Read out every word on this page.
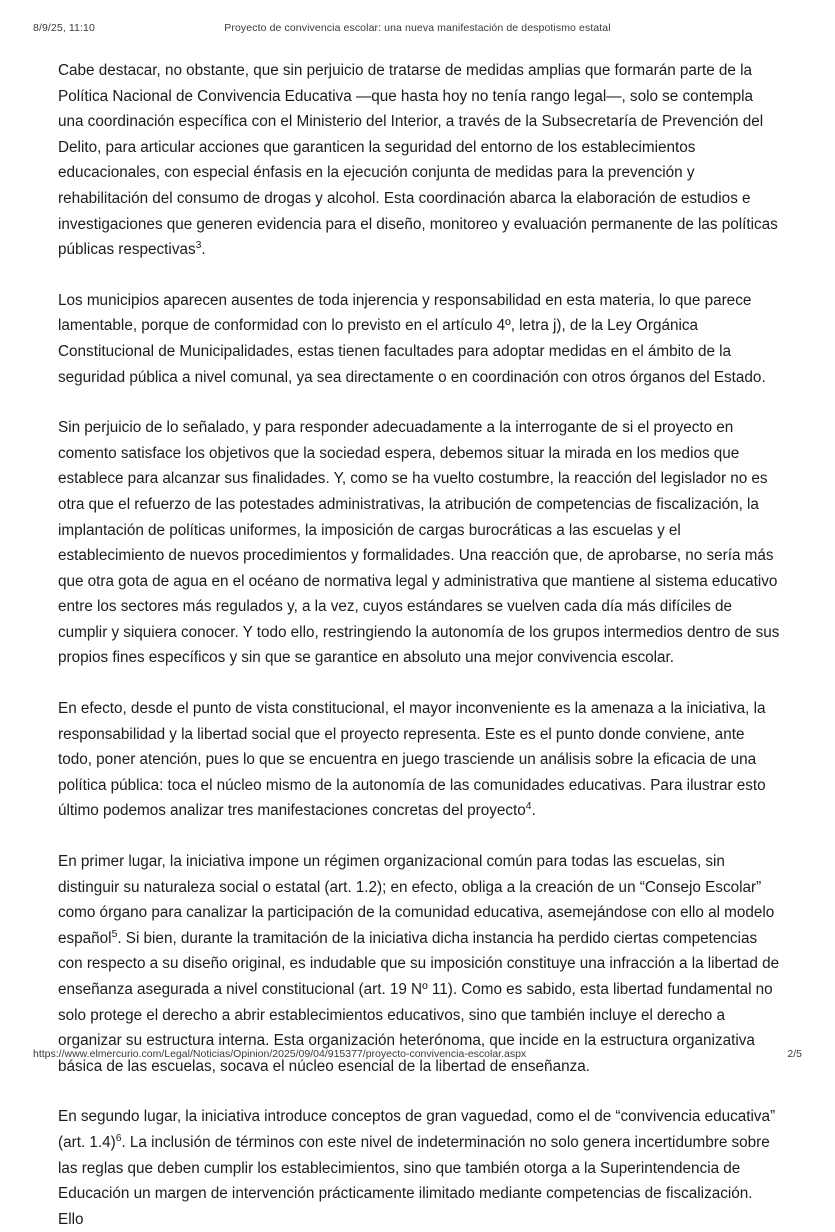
8/9/25, 11:10	Proyecto de convivencia escolar: una nueva manifestación de despotismo estatal

Cabe destacar, no obstante, que sin perjuicio de tratarse de medidas amplias que formarán parte de la Política Nacional de Convivencia Educativa —que hasta hoy no tenía rango legal—, solo se contempla una coordinación específica con el Ministerio del Interior, a través de la Subsecretaría de Prevención del Delito, para articular acciones que garanticen la seguridad del entorno de los establecimientos educacionales, con especial énfasis en la ejecución conjunta de medidas para la prevención y rehabilitación del consumo de drogas y alcohol. Esta coordinación abarca la elaboración de estudios e investigaciones que generen evidencia para el diseño, monitoreo y evaluación permanente de las políticas públicas respectivas$^3$.

Los municipios aparecen ausentes de toda injerencia y responsabilidad en esta materia, lo que parece lamentable, porque de conformidad con lo previsto en el artículo 4º, letra j), de la Ley Orgánica Constitucional de Municipalidades, estas tienen facultades para adoptar medidas en el ámbito de la seguridad pública a nivel comunal, ya sea directamente o en coordinación con otros órganos del Estado.

Sin perjuicio de lo señalado, y para responder adecuadamente a la interrogante de si el proyecto en comento satisface los objetivos que la sociedad espera, debemos situar la mirada en los medios que establece para alcanzar sus finalidades. Y, como se ha vuelto costumbre, la reacción del legislador no es otra que el refuerzo de las potestades administrativas, la atribución de competencias de fiscalización, la implantación de políticas uniformes, la imposición de cargas burocráticas a las escuelas y el establecimiento de nuevos procedimientos y formalidades. Una reacción que, de aprobarse, no sería más que otra gota de agua en el océano de normativa legal y administrativa que mantiene al sistema educativo entre los sectores más regulados y, a la vez, cuyos estándares se vuelven cada día más difíciles de cumplir y siquiera conocer. Y todo ello, restringiendo la autonomía de los grupos intermedios dentro de sus propios fines específicos y sin que se garantice en absoluto una mejor convivencia escolar.

En efecto, desde el punto de vista constitucional, el mayor inconveniente es la amenaza a la iniciativa, la responsabilidad y la libertad social que el proyecto representa. Este es el punto donde conviene, ante todo, poner atención, pues lo que se encuentra en juego trasciende un análisis sobre la eficacia de una política pública: toca el núcleo mismo de la autonomía de las comunidades educativas. Para ilustrar esto último podemos analizar tres manifestaciones concretas del proyecto$^4$.

En primer lugar, la iniciativa impone un régimen organizacional común para todas las escuelas, sin distinguir su naturaleza social o estatal (art. 1.2); en efecto, obliga a la creación de un “Consejo Escolar” como órgano para canalizar la participación de la comunidad educativa, asemejándose con ello al modelo español$^5$. Si bien, durante la tramitación de la iniciativa dicha instancia ha perdido ciertas competencias con respecto a su diseño original, es indudable que su imposición constituye una infracción a la libertad de enseñanza asegurada a nivel constitucional (art. 19 Nº 11). Como es sabido, esta libertad fundamental no solo protege el derecho a abrir establecimientos educativos, sino que también incluye el derecho a organizar su estructura interna. Esta organización heterónoma, que incide en la estructura organizativa básica de las escuelas, socava el núcleo esencial de la libertad de enseñanza.

En segundo lugar, la iniciativa introduce conceptos de gran vaguedad, como el de “convivencia educativa” (art. 1.4)$^6$. La inclusión de términos con este nivel de indeterminación no solo genera incertidumbre sobre las reglas que deben cumplir los establecimientos, sino que también otorga a la Superintendencia de Educación un margen de intervención prácticamente ilimitado mediante competencias de fiscalización. Ello

https://www.elmercurio.com/Legal/Noticias/Opinion/2025/09/04/915377/proyecto-convivencia-escolar.aspx	2/5
